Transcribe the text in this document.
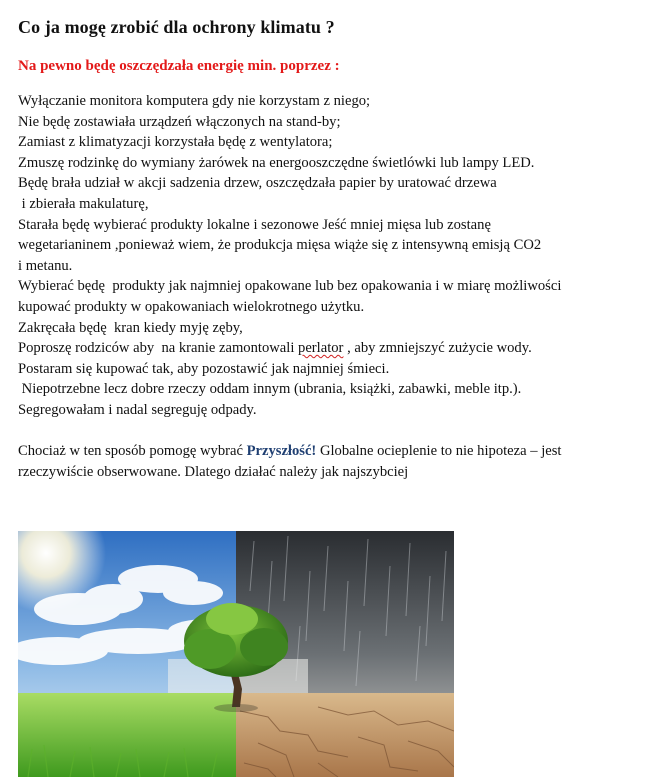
Co ja mogę zrobić dla ochrony klimatu ?
Na pewno będę oszczędzała energię min. poprzez :
Wyłączanie monitora komputera gdy nie korzystam z niego;
Nie będę zostawiała urządzeń włączonych na stand-by;
Zamiast z klimatyzacji korzystała będę z wentylatora;
Zmuszę rodzinkę do wymiany żarówek na energooszczędne świetlówki lub lampy LED.
Będę brała udział w akcji sadzenia drzew, oszczędzała papier by uratować drzewa
i zbierała makulaturę,
Starała będę wybierać produkty lokalne i sezonowe Jeść mniej mięsa lub zostanę
wegetarianinem ,ponieważ wiem, że produkcja mięsa wiąże się z intensywną emisją CO2
i metanu.
Wybierać będę  produkty jak najmniej opakowane lub bez opakowania i w miarę możliwości
kupować produkty w opakowaniach wielokrotnego użytku.
Zakręcała będę  kran kiedy myję zęby,
Poproszę rodziców aby  na kranie zamontowali perlator , aby zmniejszyć zużycie wody.
Postaram się kupować tak, aby pozostawić jak najmniej śmieci.
Niepotrzebne lecz dobre rzeczy oddam innym (ubrania, książki, zabawki, meble itp.).
Segregowałam i nadal segreguję odpady.

Chociaż w ten sposób pomogę wybrać Przyszłość! Globalne ocieplenie to nie hipoteza – jest rzeczywiście obserwowane. Dlatego działać należy jak najszybciej
